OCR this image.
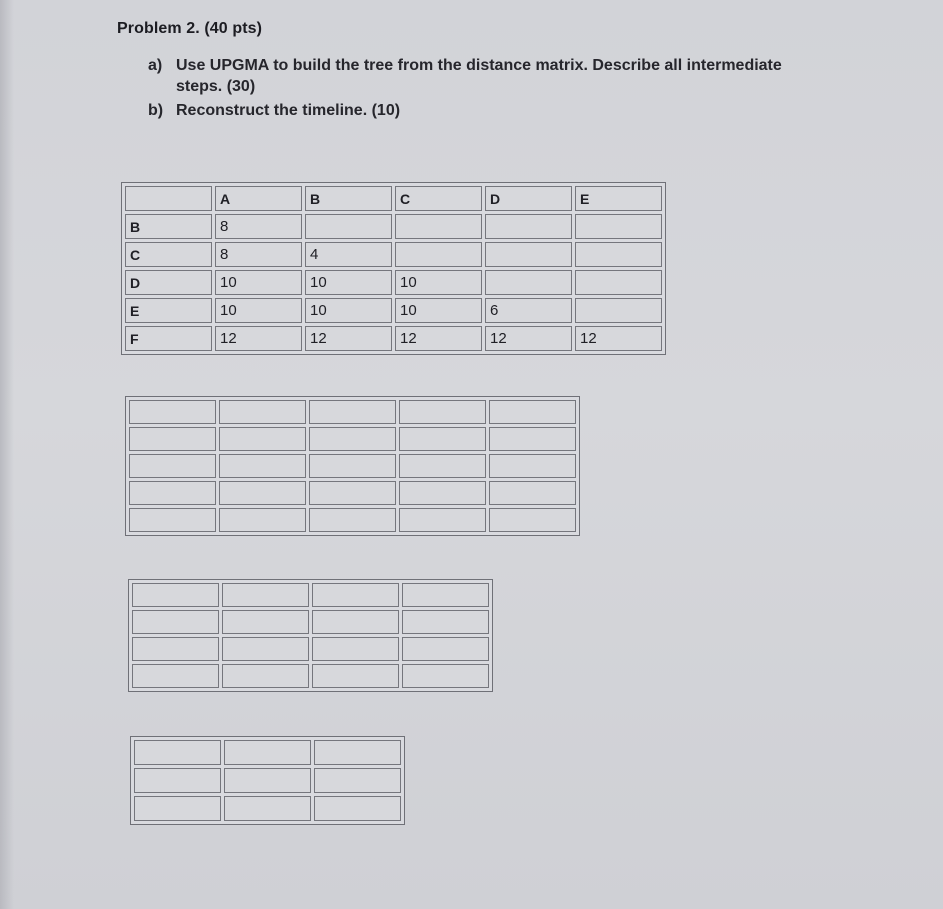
Problem 2. (40 pts)
a) Use UPGMA to build the tree from the distance matrix. Describe all intermediate
steps. (30)
b) Reconstruct the timeline. (10)
	A	B	C	D	E
B	8				
C	8	4			
D	10	10	10		
E	10	10	10	6	
F	12	12	12	12	12
